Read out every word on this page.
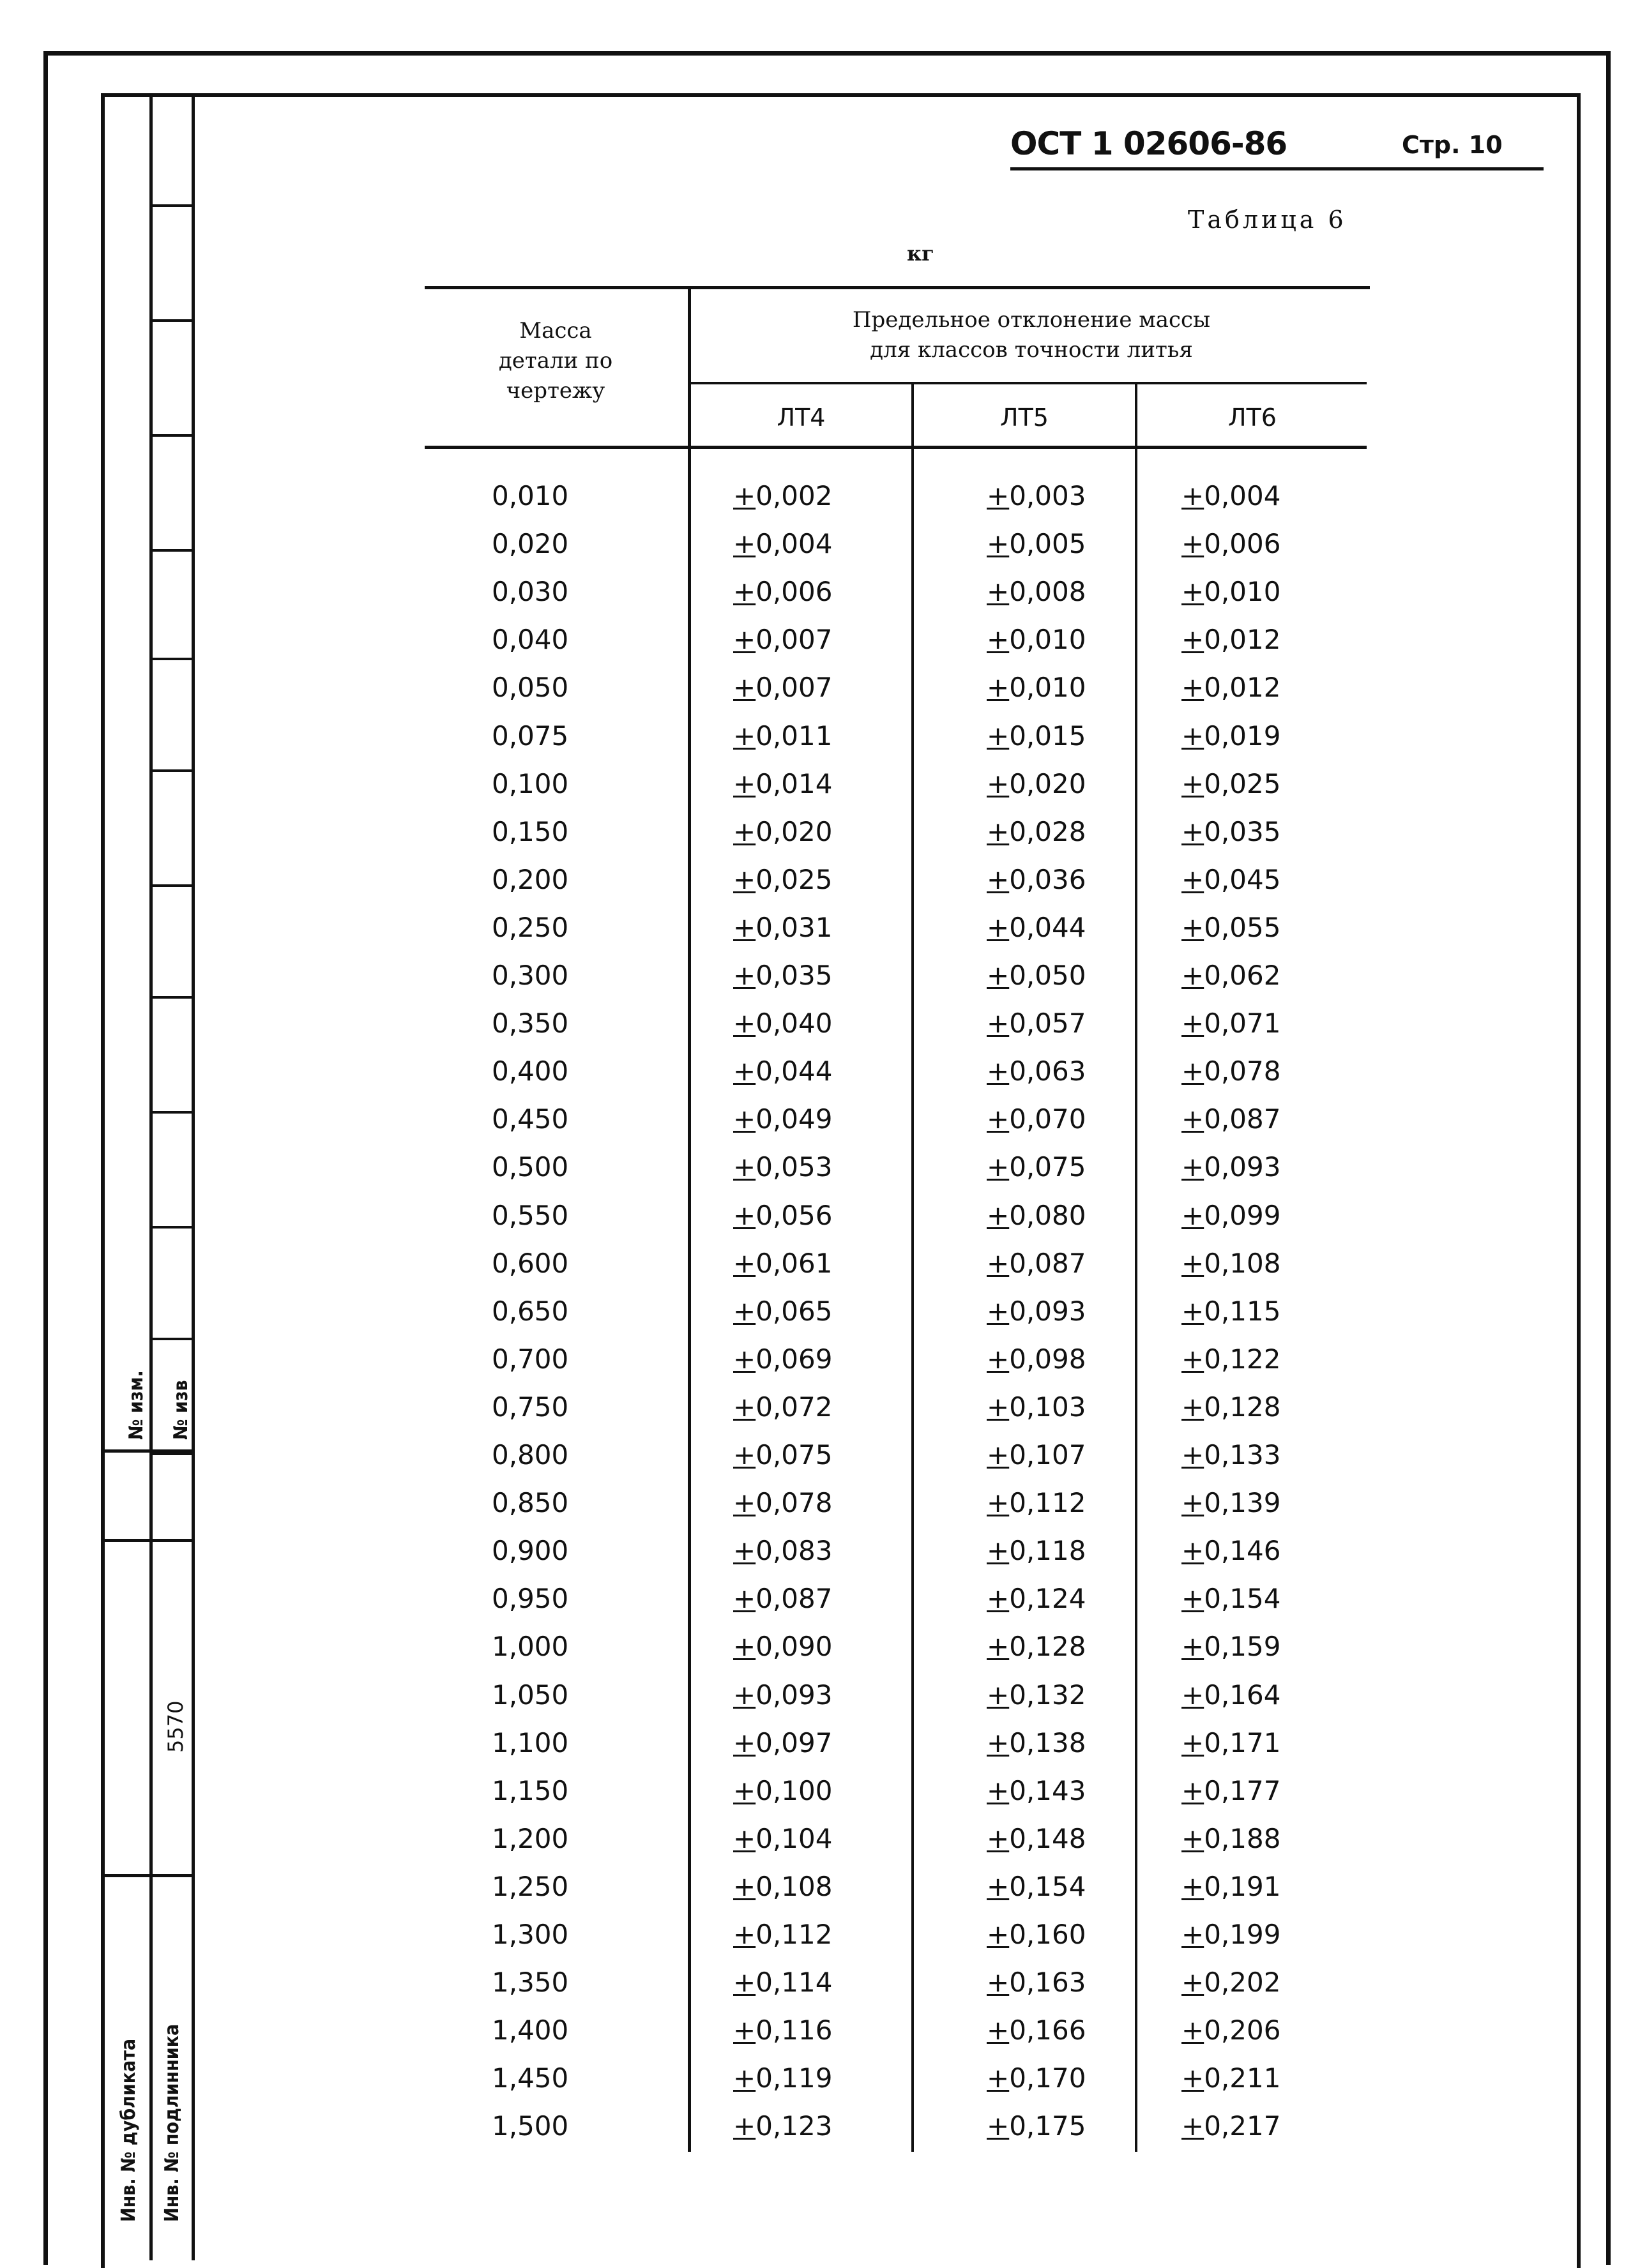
№ изм. № изв
5570
Инв. № дубликата Инв. № подлинника
ОСТ 1 02606-86	Стр. 10
Таблица 6
кг
Масса
детали по
чертежу
Предельное отклонение массы
для классов точности литья
ЛТ4	ЛТ5	ЛТ6
0,010	+0,002	+0,003	+0,004
0,020	+0,004	+0,005	+0,006
0,030	+0,006	+0,008	+0,010
0,040	+0,007	+0,010	+0,012
0,050	+0,007	+0,010	+0,012
0,075	+0,011	+0,015	+0,019
0,100	+0,014	+0,020	+0,025
0,150	+0,020	+0,028	+0,035
0,200	+0,025	+0,036	+0,045
0,250	+0,031	+0,044	+0,055
0,300	+0,035	+0,050	+0,062
0,350	+0,040	+0,057	+0,071
0,400	+0,044	+0,063	+0,078
0,450	+0,049	+0,070	+0,087
0,500	+0,053	+0,075	+0,093
0,550	+0,056	+0,080	+0,099
0,600	+0,061	+0,087	+0,108
0,650	+0,065	+0,093	+0,115
0,700	+0,069	+0,098	+0,122
0,750	+0,072	+0,103	+0,128
0,800	+0,075	+0,107	+0,133
0,850	+0,078	+0,112	+0,139
0,900	+0,083	+0,118	+0,146
0,950	+0,087	+0,124	+0,154
1,000	+0,090	+0,128	+0,159
1,050	+0,093	+0,132	+0,164
1,100	+0,097	+0,138	+0,171
1,150	+0,100	+0,143	+0,177
1,200	+0,104	+0,148	+0,188
1,250	+0,108	+0,154	+0,191
1,300	+0,112	+0,160	+0,199
1,350	+0,114	+0,163	+0,202
1,400	+0,116	+0,166	+0,206
1,450	+0,119	+0,170	+0,211
1,500	+0,123	+0,175	+0,217
